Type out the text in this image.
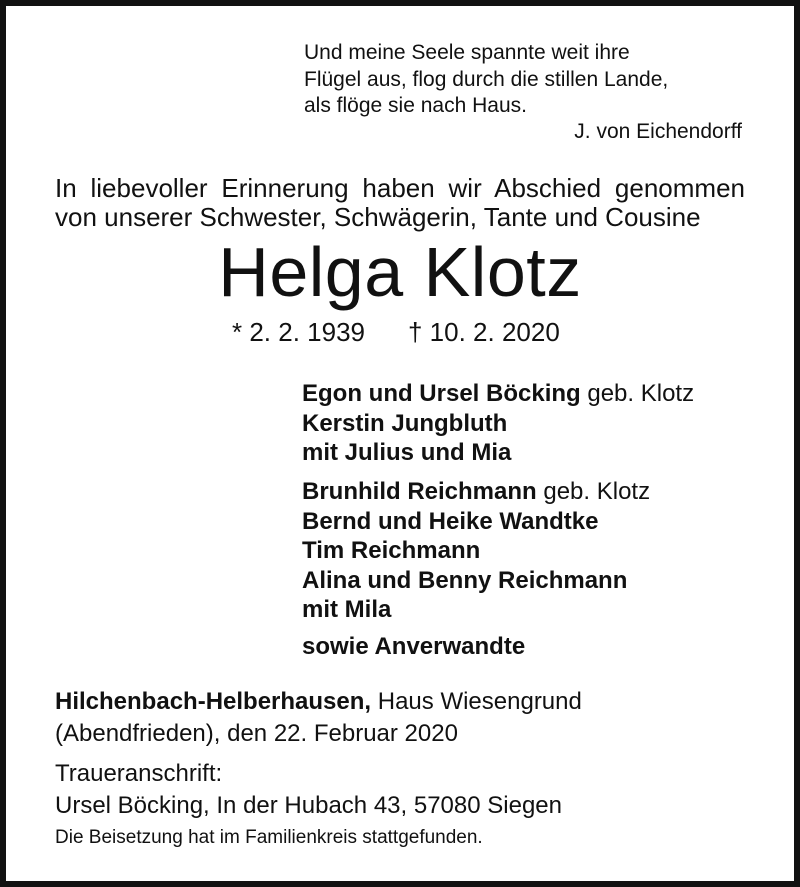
Und meine Seele spannte weit ihre
Flügel aus, flog durch die stillen Lande,
als flöge sie nach Haus.
J. von Eichendorff
In liebevoller Erinnerung haben wir Abschied genommen
von unserer Schwester, Schwägerin, Tante und Cousine
Helga Klotz
* 2. 2. 1939 † 10. 2. 2020
Egon und Ursel Böcking geb. Klotz
Kerstin Jungbluth
mit Julius und Mia
Brunhild Reichmann geb. Klotz
Bernd und Heike Wandtke
Tim Reichmann
Alina und Benny Reichmann
mit Mila
sowie Anverwandte
Hilchenbach-Helberhausen, Haus Wiesengrund
(Abendfrieden), den 22. Februar 2020
Traueranschrift:
Ursel Böcking, In der Hubach 43, 57080 Siegen
Die Beisetzung hat im Familienkreis stattgefunden.
